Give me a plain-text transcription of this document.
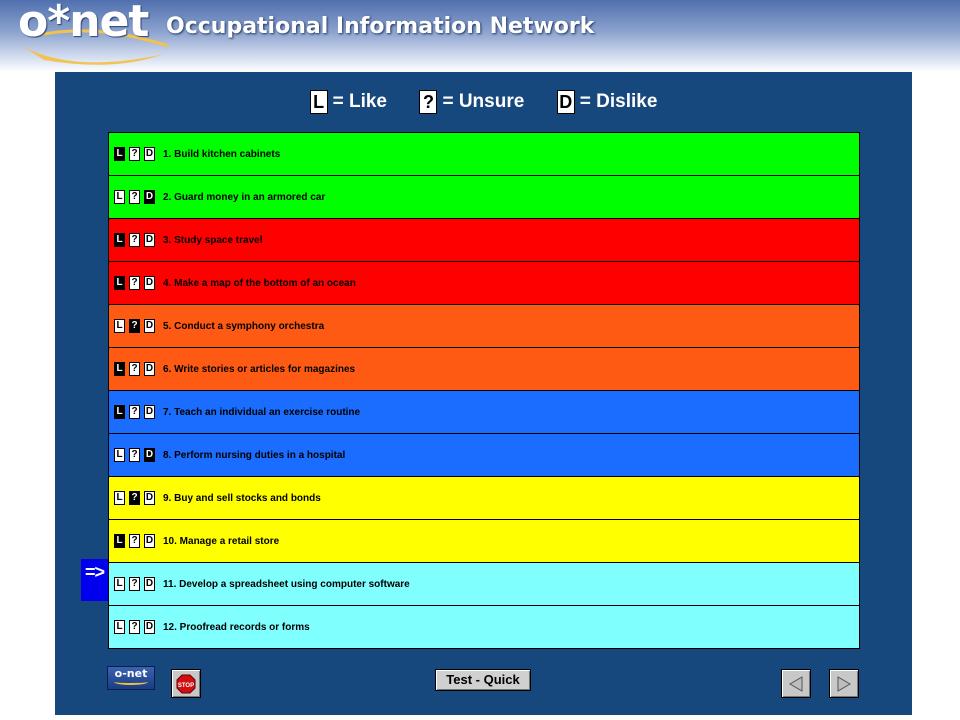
o*net Occupational Information Network
L = Like
? = Unsure
D = Dislike
=>
L ? D 1. Build kitchen cabinets
L ? D 2. Guard money in an armored car
L ? D 3. Study space travel
L ? D 4. Make a map of the bottom of an ocean
L ? D 5. Conduct a symphony orchestra
L ? D 6. Write stories or articles for magazines
L ? D 7. Teach an individual an exercise routine
L ? D 8. Perform nursing duties in a hospital
L ? D 9. Buy and sell stocks and bonds
L ? D 10. Manage a retail store
L ? D 11. Develop a spreadsheet using computer software
L ? D 12. Proofread records or forms
o-net
STOP	Test - Quick
